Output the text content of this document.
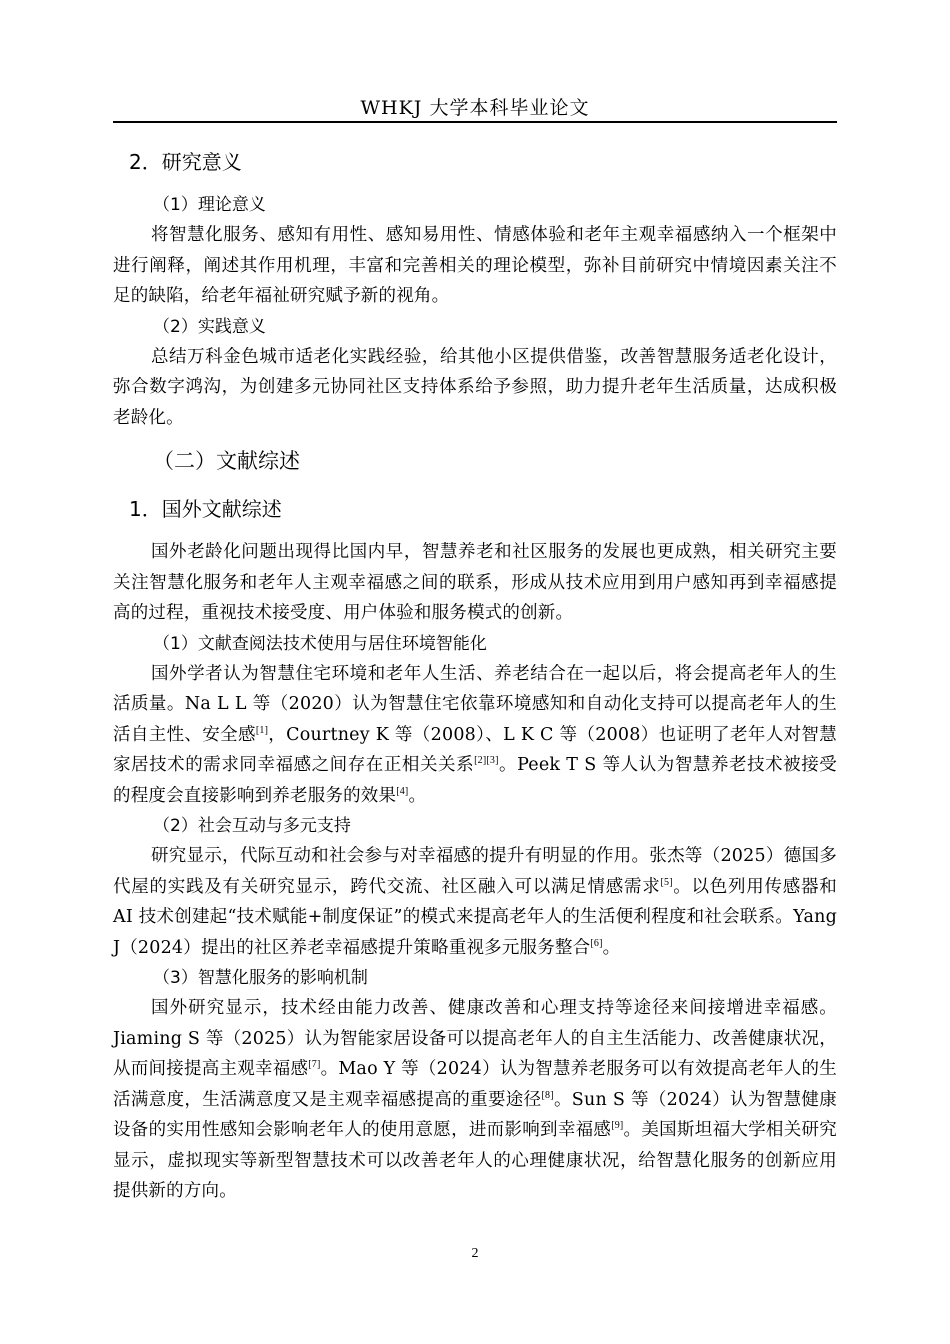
WHKJ 大学本科毕业论文
2．研究意义
（1）理论意义

将智慧化服务、感知有用性、感知易用性、情感体验和老年主观幸福感纳入一个框架中进行阐释，阐述其作用机理，丰富和完善相关的理论模型，弥补目前研究中情境因素关注不足的缺陷，给老年福祉研究赋予新的视角。

（2）实践意义

总结万科金色城市适老化实践经验，给其他小区提供借鉴，改善智慧服务适老化设计，弥合数字鸿沟，为创建多元协同社区支持体系给予参照，助力提升老年生活质量，达成积极老龄化。

（二）文献综述
1．国外文献综述

国外老龄化问题出现得比国内早，智慧养老和社区服务的发展也更成熟，相关研究主要关注智慧化服务和老年人主观幸福感之间的联系，形成从技术应用到用户感知再到幸福感提高的过程，重视技术接受度、用户体验和服务模式的创新。

（1）文献查阅法技术使用与居住环境智能化

国外学者认为智慧住宅环境和老年人生活、养老结合在一起以后，将会提高老年人的生活质量。Na L L 等（2020）认为智慧住宅依靠环境感知和自动化支持可以提高老年人的生活自主性、安全感[1]，Courtney K 等（2008）、L K C 等（2008）也证明了老年人对智慧家居技术的需求同幸福感之间存在正相关关系[2][3]。Peek T S 等人认为智慧养老技术被接受的程度会直接影响到养老服务的效果[4]。

（2）社会互动与多元支持

研究显示，代际互动和社会参与对幸福感的提升有明显的作用。张杰等（2025）德国多代屋的实践及有关研究显示，跨代交流、社区融入可以满足情感需求[5]。以色列用传感器和 AI 技术创建起“技术赋能+制度保证”的模式来提高老年人的生活便利程度和社会联系。Yang J（2024）提出的社区养老幸福感提升策略重视多元服务整合[6]。

（3）智慧化服务的影响机制

国外研究显示，技术经由能力改善、健康改善和心理支持等途径来间接增进幸福感。Jiaming S 等（2025）认为智能家居设备可以提高老年人的自主生活能力、改善健康状况，从而间接提高主观幸福感[7]。Mao Y 等（2024）认为智慧养老服务可以有效提高老年人的生活满意度，生活满意度又是主观幸福感提高的重要途径[8]。Sun S 等（2024）认为智慧健康设备的实用性感知会影响老年人的使用意愿，进而影响到幸福感[9]。美国斯坦福大学相关研究显示，虚拟现实等新型智慧技术可以改善老年人的心理健康状况，给智慧化服务的创新应用提供新的方向。

2
